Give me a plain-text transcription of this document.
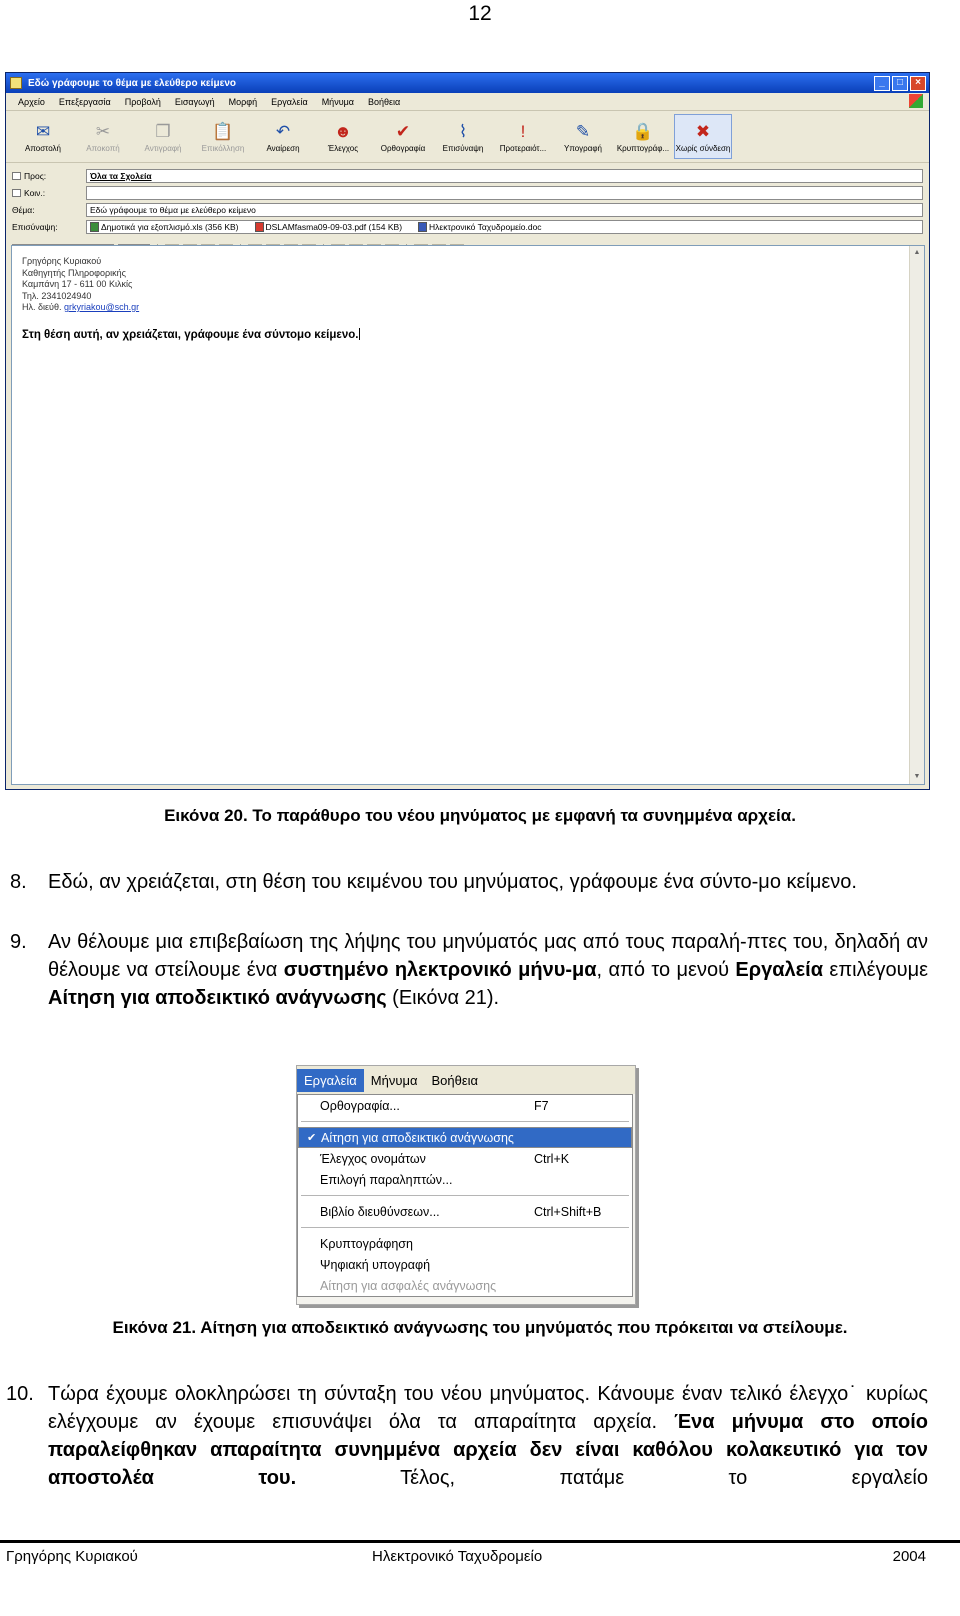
12
Εδώ γράφουμε το θέμα με ελεύθερο κείμενο	_	□	×
Αρχείο Επεξεργασία Προβολή Εισαγωγή Μορφή Εργαλεία Μήνυμα Βοήθεια
✉
Αποστολή
✂
Αποκοπή
❐
Αντιγραφή
📋
Επικόλληση
↶
Αναίρεση
☻
Έλεγχος
✔
Ορθογραφία
⌇
Επισύναψη
!
Προτεραιότ...
✎
Υπογραφή
🔒
Κρυπτογράφ...
✖
Χωρίς σύνδεση
Προς:	Όλα τα Σχολεία
Κοιν.:
Θέμα:	Εδώ γράφουμε το θέμα με ελεύθερο κείμενο
Επισύναψη:	Δημοτικά για εξοπλισμό.xls (356 KB)	DSLAMfasma09-09-03.pdf (154 KB)	Ηλεκτρονικό Ταχυδρομείο.doc
Γρηγόρης Κυριακού
Καθηγητής Πληροφορικής
Καμπάνη 17 - 611 00 Κιλκίς
Τηλ. 2341024940
Ηλ. διεύθ. grkyriakou@sch.gr
Στη θέση αυτή, αν χρειάζεται, γράφουμε ένα σύντομο κείμενο.
▲
▼
Εικόνα 20. Το παράθυρο του νέου μηνύματος με εμφανή τα συνημμένα αρχεία.
8. Εδώ, αν χρειάζεται, στη θέση του κειμένου του μηνύματος, γράφουμε ένα σύντο-μο κείμενο.
9. Αν θέλουμε μια επιβεβαίωση της λήψης του μηνύματός μας από τους παραλή-πτες του, δηλαδή αν θέλουμε να στείλουμε ένα συστημένο ηλεκτρονικό μήνυ-μα, από το μενού Εργαλεία επιλέγουμε Αίτηση για αποδεικτικό ανάγνωσης (Εικόνα 21).
Εργαλεία	Μήνυμα	Βοήθεια
Ορθογραφία...	F7
✔ Αίτηση για αποδεικτικό ανάγνωσης
Έλεγχος ονομάτων	Ctrl+K
Επιλογή παραληπτών...
Βιβλίο διευθύνσεων...	Ctrl+Shift+B
Κρυπτογράφηση
Ψηφιακή υπογραφή
Αίτηση για ασφαλές ανάγνωσης
Εικόνα 21. Αίτηση για αποδεικτικό ανάγνωσης του μηνύματός που πρόκειται να στείλουμε.
10. Τώρα έχουμε ολοκληρώσει τη σύνταξη του νέου μηνύματος. Κάνουμε έναν τελικό έλεγχο˙ κυρίως ελέγχουμε αν έχουμε επισυνάψει όλα τα απαραίτητα αρχεία. Ένα μήνυμα στο οποίο παραλείφθηκαν απαραίτητα συνημμένα αρχεία δεν είναι καθόλου κολακευτικό για τον αποστολέα του. Τέλος, πατάμε το εργαλείο
Γρηγόρης Κυριακού	Ηλεκτρονικό Ταχυδρομείο	2004
